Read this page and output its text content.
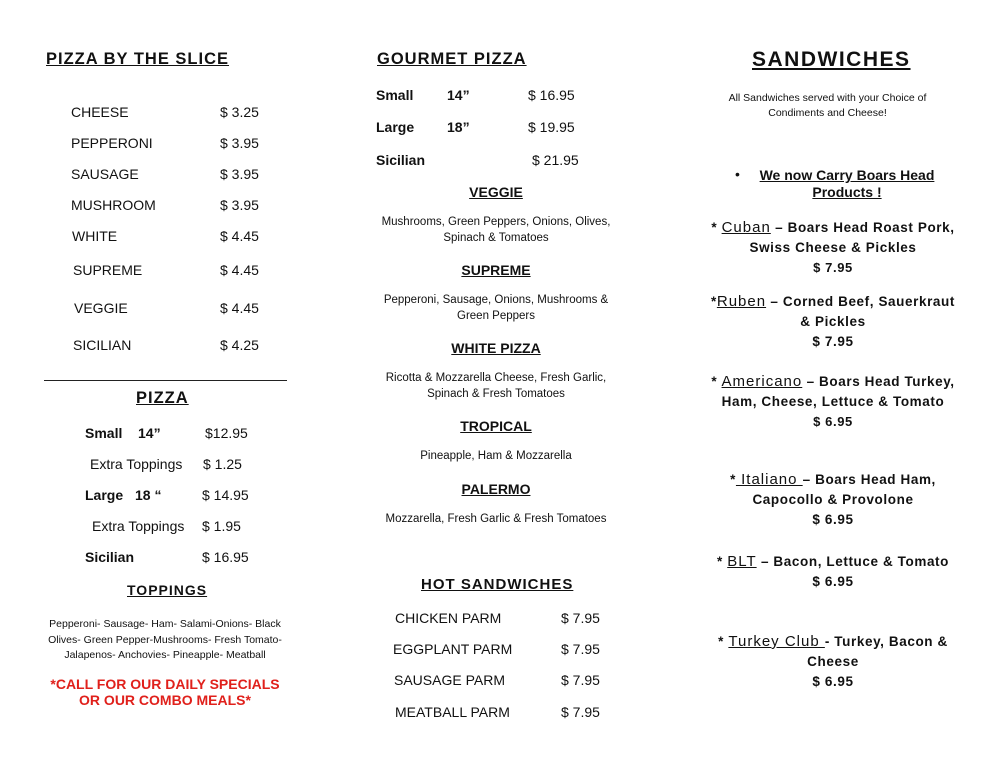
PIZZA BY THE SLICE
CHEESE	$ 3.25
PEPPERONI	$ 3.95
SAUSAGE	$ 3.95
MUSHROOM	$ 3.95
WHITE	$ 4.45
SUPREME	$ 4.45
VEGGIE	$ 4.45
SICILIAN	$ 4.25
PIZZA
Small 14”	$12.95
Extra Toppings $ 1.25
Large 18 “	$ 14.95
Extra Toppings $ 1.95
Sicilian	$ 16.95
TOPPINGS
Pepperoni- Sausage- Ham- Salami-Onions- Black
Olives- Green Pepper-Mushrooms- Fresh Tomato-
Jalapenos- Anchovies- Pineapple- Meatball
*CALL FOR OUR DAILY SPECIALS
OR OUR COMBO MEALS*
GOURMET PIZZA
Small 14”	$ 16.95
Large 18”	$ 19.95
Sicilian	$ 21.95
VEGGIE
Mushrooms, Green Peppers, Onions, Olives,
Spinach & Tomatoes
SUPREME
Pepperoni, Sausage, Onions, Mushrooms &
Green Peppers
WHITE PIZZA
Ricotta & Mozzarella Cheese, Fresh Garlic,
Spinach & Fresh Tomatoes
TROPICAL
Pineapple, Ham & Mozzarella
PALERMO
Mozzarella, Fresh Garlic & Fresh Tomatoes
HOT SANDWICHES
CHICKEN PARM	$ 7.95
EGGPLANT PARM	$ 7.95
SAUSAGE PARM	$ 7.95
MEATBALL PARM	$ 7.95
SANDWICHES
All Sandwiches served with your Choice of
Condiments and Cheese!
•	We now Carry Boars Head Products !
* Cuban – Boars Head Roast Pork, Swiss Cheese & Pickles
$ 7.95
*Ruben – Corned Beef, Sauerkraut & Pickles
$ 7.95
* Americano – Boars Head Turkey, Ham, Cheese, Lettuce & Tomato
$ 6.95
* Italiano – Boars Head Ham, Capocollo & Provolone
$ 6.95
* BLT – Bacon, Lettuce & Tomato
$ 6.95
* Turkey Club - Turkey, Bacon & Cheese
$ 6.95
